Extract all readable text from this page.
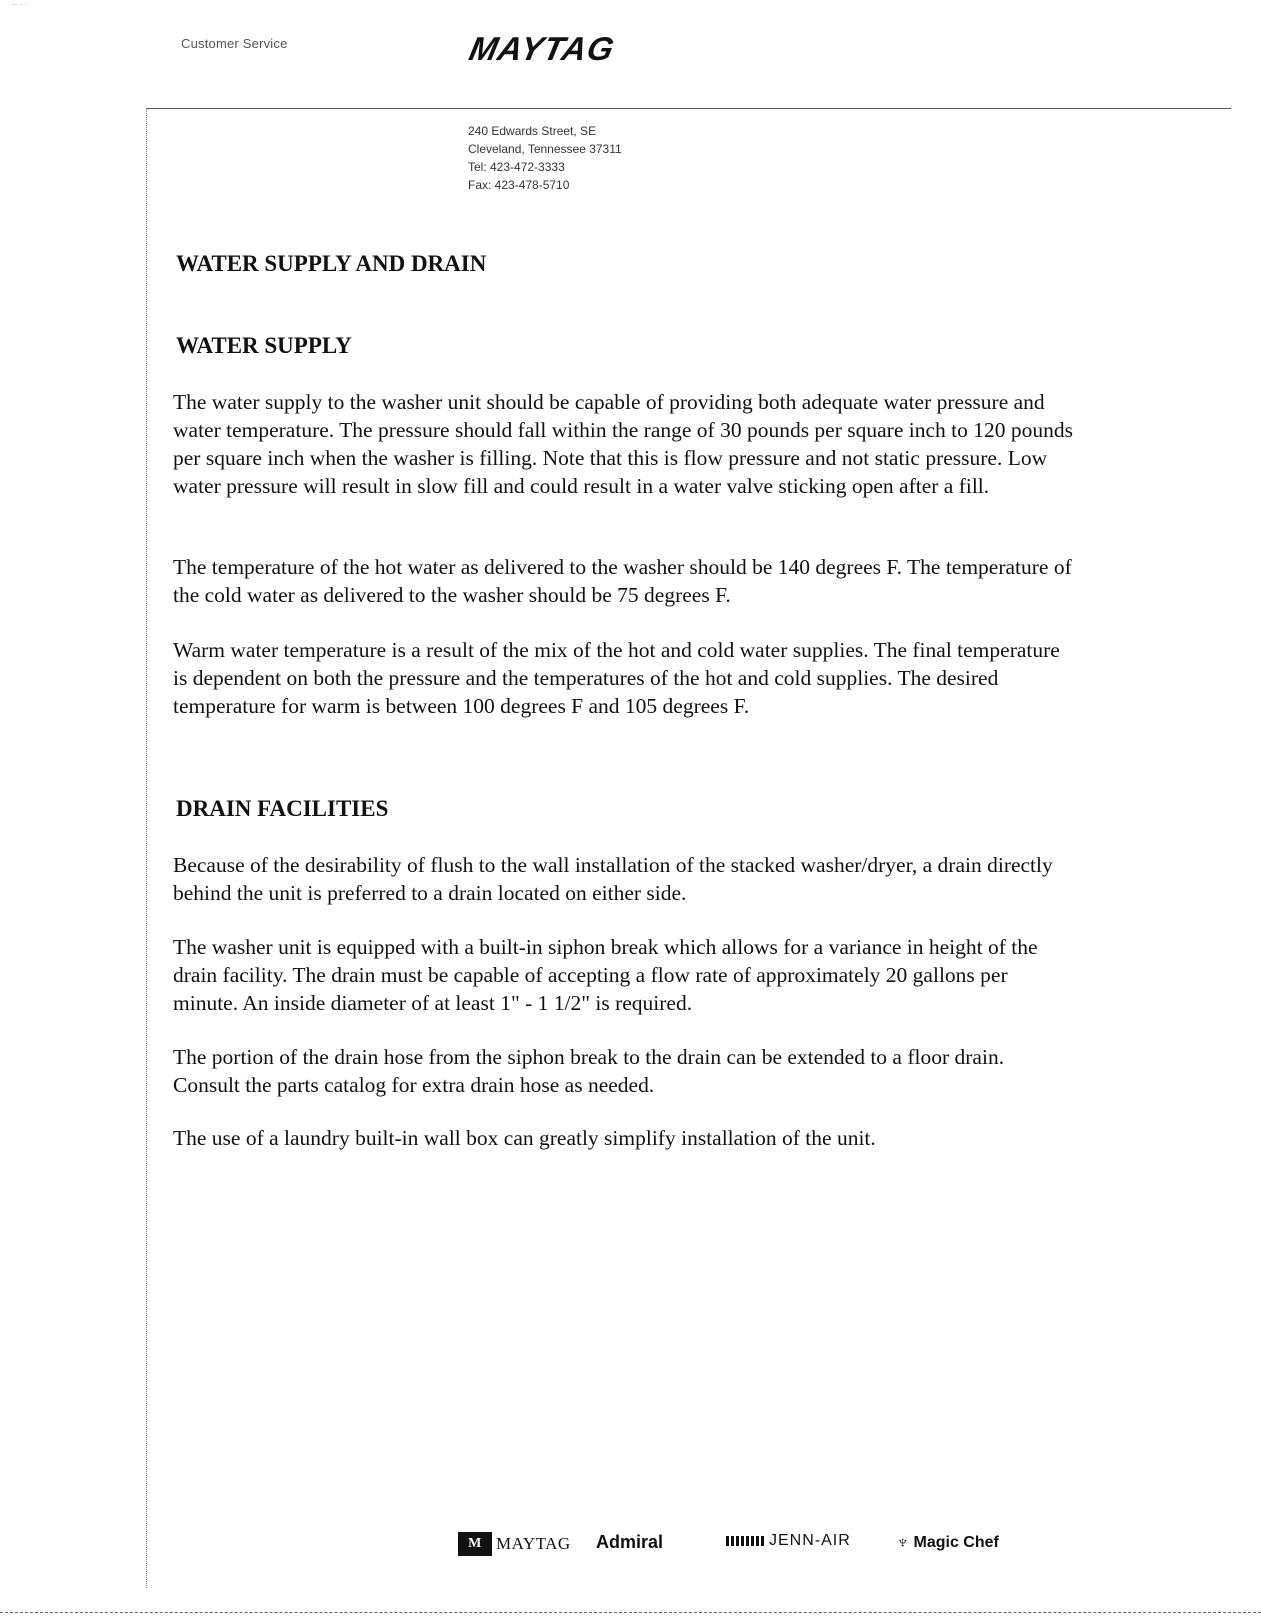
·· · ·
Customer Service	MAYTAG
240 Edwards Street, SE
Cleveland, Tennessee 37311
Tel: 423-472-3333
Fax: 423-478-5710
WATER SUPPLY AND DRAIN
WATER SUPPLY
The water supply to the washer unit should be capable of providing both adequate water pressure and water temperature. The pressure should fall within the range of 30 pounds per square inch to 120 pounds per square inch when the washer is filling. Note that this is flow pressure and not static pressure. Low water pressure will result in slow fill and could result in a water valve sticking open after a fill.
The temperature of the hot water as delivered to the washer should be 140 degrees F. The temperature of the cold water as delivered to the washer should be 75 degrees F.
Warm water temperature is a result of the mix of the hot and cold water supplies. The final temperature is dependent on both the pressure and the temperatures of the hot and cold supplies. The desired temperature for warm is between 100 degrees F and 105 degrees F.
DRAIN FACILITIES
Because of the desirability of flush to the wall installation of the stacked washer/dryer, a drain directly behind the unit is preferred to a drain located on either side.
The washer unit is equipped with a built-in siphon break which allows for a variance in height of the drain facility. The drain must be capable of accepting a flow rate of approximately 20 gallons per minute. An inside diameter of at least 1" - 1 1/2" is required.
The portion of the drain hose from the siphon break to the drain can be extended to a floor drain. Consult the parts catalog for extra drain hose as needed.
The use of a laundry built-in wall box can greatly simplify installation of the unit.
M MAYTAG Admiral	JENN-AIR	♆ Magic Chef
